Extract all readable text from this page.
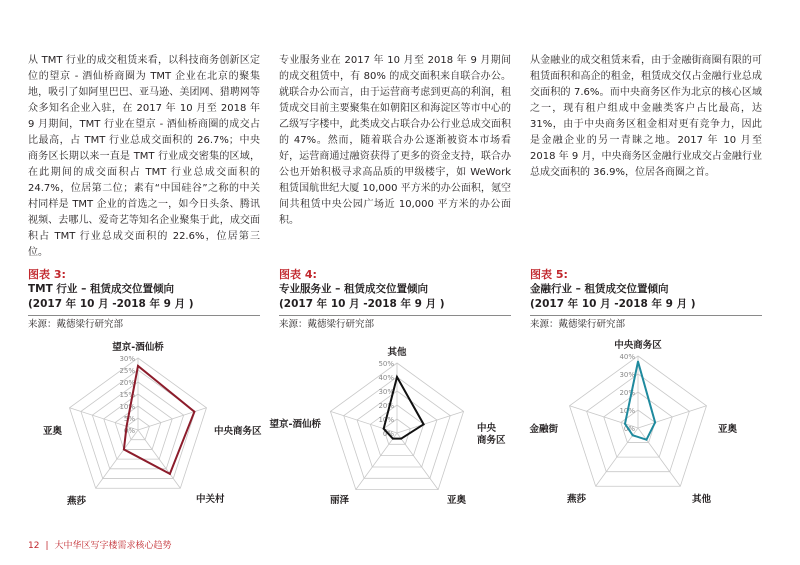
从 TMT 行业的成交租赁来看，以科技商务创新区定位的望京 - 酒仙桥商圈为 TMT 企业在北京的聚集地，吸引了如阿里巴巴、亚马逊、美团网、猎聘网等众多知名企业入驻，在 2017 年 10 月至 2018 年 9 月期间，TMT 行业在望京 - 酒仙桥商圈的成交占比最高，占 TMT 行业总成交面积的 26.7%；中央商务区长期以来一直是 TMT 行业成交密集的区域，在此期间的成交面积占 TMT 行业总成交面积的 24.7%，位居第二位；素有“中国硅谷”之称的中关村同样是 TMT 企业的首选之一，如今日头条、腾讯视频、去哪儿、爱奇艺等知名企业聚集于此，成交面积占 TMT 行业总成交面积的 22.6%，位居第三位。

专业服务业在 2017 年 10 月至 2018 年 9 月期间的成交租赁中，有 80% 的成交面积来自联合办公。就联合办公而言，由于运营商考虑到更高的利润，租赁成交目前主要聚集在如朝阳区和海淀区等市中心的乙级写字楼中，此类成交占联合办公行业总成交面积的 47%。然而，随着联合办公逐渐被资本市场看好，运营商通过融资获得了更多的资金支持，联合办公也开始积极寻求高品质的甲级楼宇，如 WeWork 租赁国航世纪大厦 10,000 平方米的办公面积，氪空间共租赁中央公园广场近 10,000 平方米的办公面积。

从金融业的成交租赁来看，由于金融街商圈有限的可租赁面积和高企的租金，租赁成交仅占金融行业总成交面积的 7.6%。而中央商务区作为北京的核心区域之一，现有租户组成中金融类客户占比最高，达 31%，由于中央商务区租金相对更有竞争力，因此是金融企业的另一青睐之地。2017 年 10 月至 2018 年 9 月，中央商务区金融行业成交占金融行业总成交面积的 36.9%，位居各商圈之首。

图表 3:
TMT 行业 – 租赁成交位置倾向
(2017 年 10 月 -2018 年 9 月 )
来源：戴德梁行研究部
图表 4:
专业服务业 – 租赁成交位置倾向
(2017 年 10 月 -2018 年 9 月 )
来源：戴德梁行研究部
图表 5:
金融行业 – 租赁成交位置倾向
(2017 年 10 月 -2018 年 9 月 )
来源：戴德梁行研究部
0%
5%
10%
15%
20%
25%
30%
望京-酒仙桥
中央商务区
中关村
燕莎
亚奥	0%
10%
20%
30%
40%
50%
其他
中央
商务区
亚奥
丽泽
望京-酒仙桥	0%
10%
20%
30%
40%
中央商务区
亚奥
其他
燕莎
金融街
12 | 大中华区写字楼需求核心趋势
